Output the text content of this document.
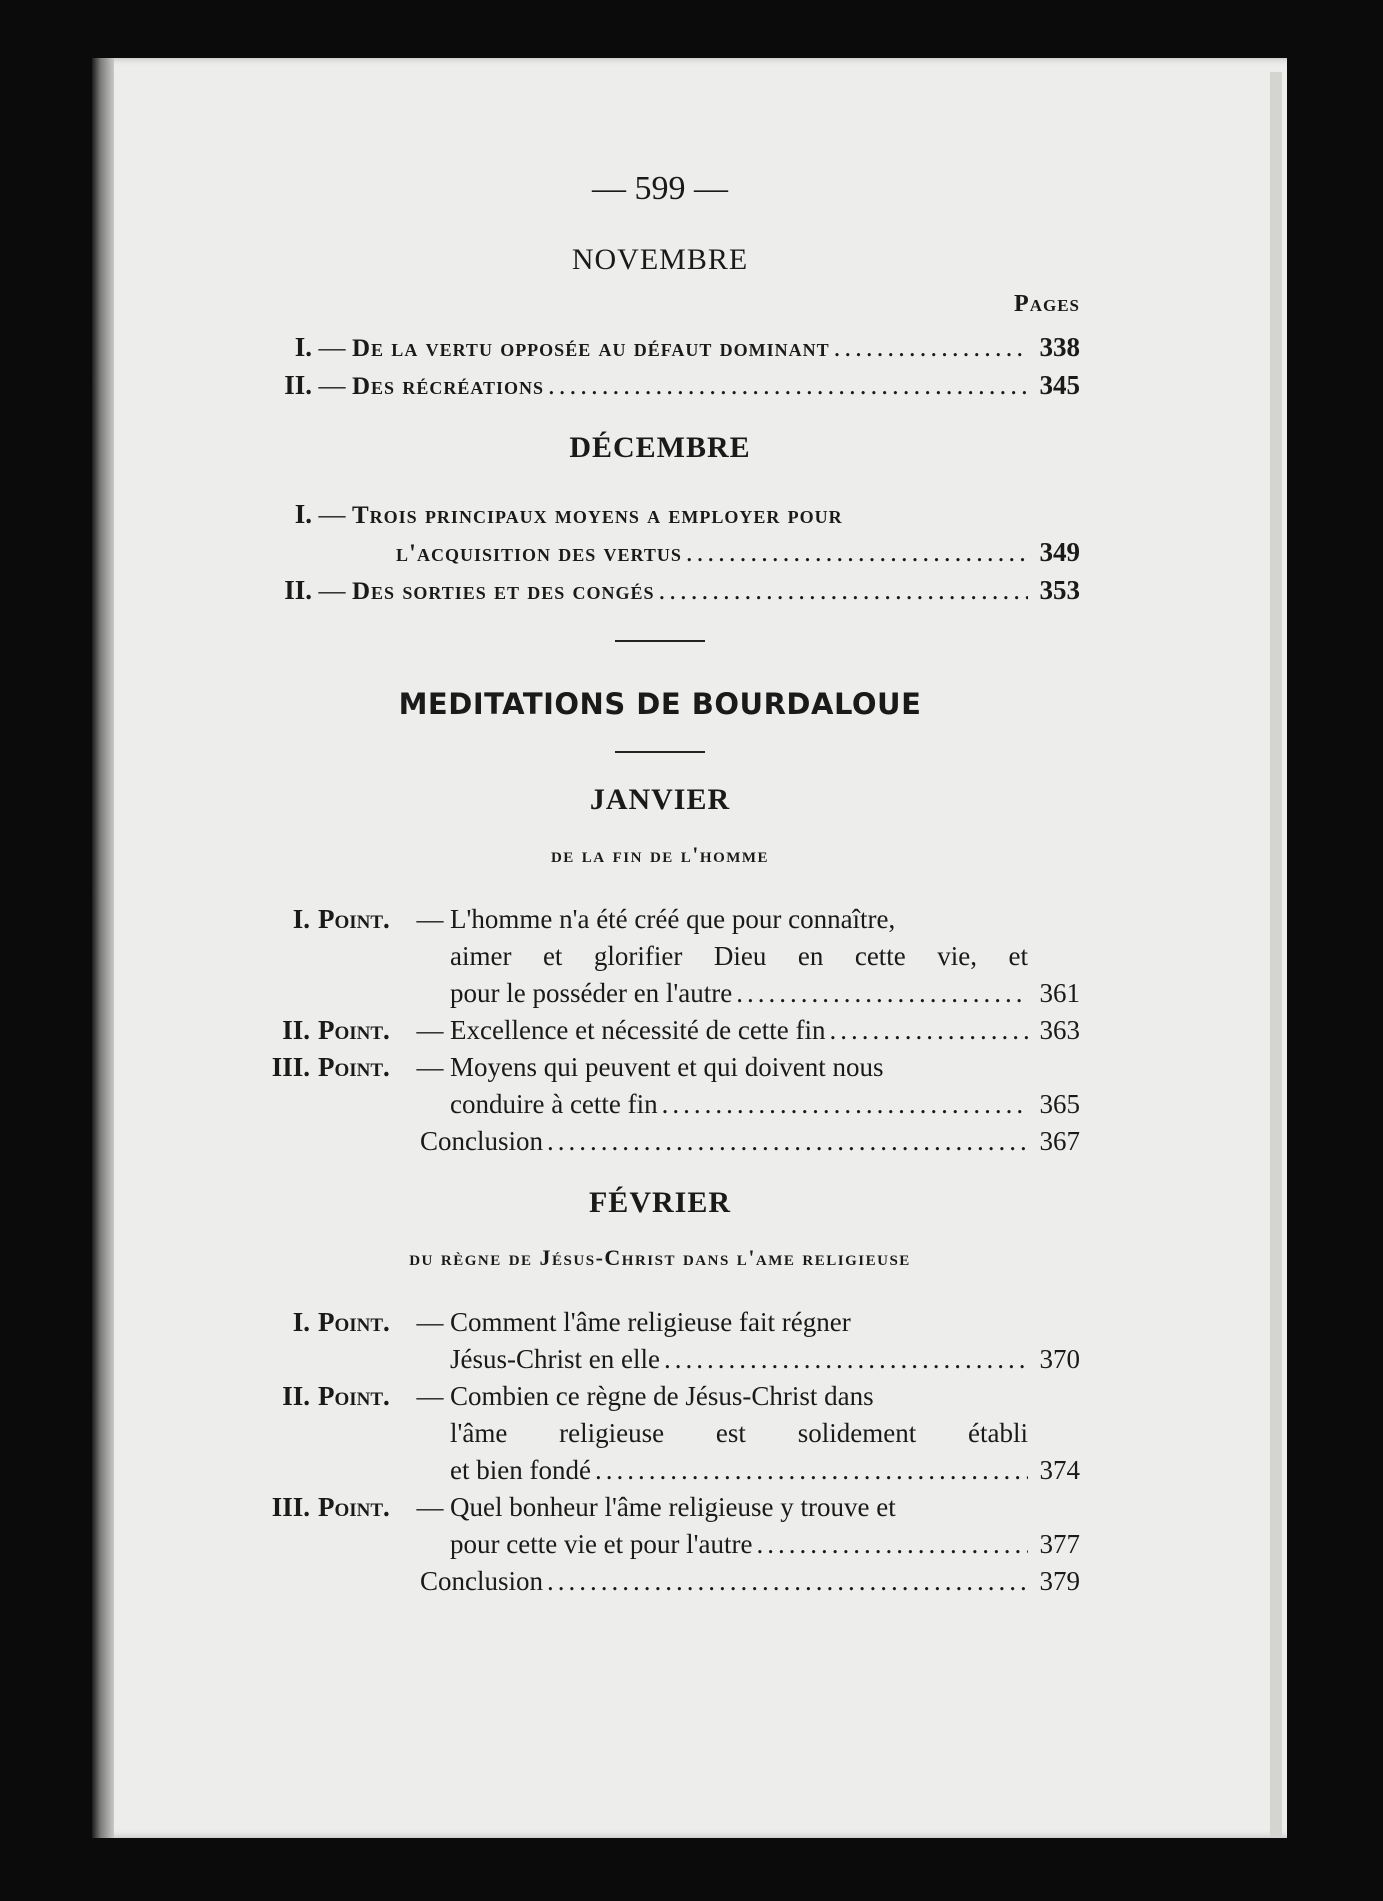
— 599 —
NOVEMBRE
Pages
I. — De la vertu opposée au défaut dominant .....	338
II. — Des récréations .....	345
DÉCEMBRE
I. — Trois principaux moyens a employer pour
l'acquisition des vertus .....	349
II. — Des sorties et des congés .....	353
MEDITATIONS DE BOURDALOUE
JANVIER
de la fin de l'homme
I. Point. — L'homme n'a été créé que pour connaître,
aimer et glorifier Dieu en cette vie, et
pour le posséder en l'autre .....	361
II. Point. — Excellence et nécessité de cette fin .....	363
III. Point. — Moyens qui peuvent et qui doivent nous
conduire à cette fin .....	365
Conclusion .....	367
FÉVRIER
du règne de Jésus-Christ dans l'ame religieuse
I. Point. — Comment l'âme religieuse fait régner
Jésus-Christ en elle .....	370
II. Point. — Combien ce règne de Jésus-Christ dans
l'âme religieuse est solidement établi
et bien fondé .....	374
III. Point. — Quel bonheur l'âme religieuse y trouve et
pour cette vie et pour l'autre .....	377
Conclusion .....	379
